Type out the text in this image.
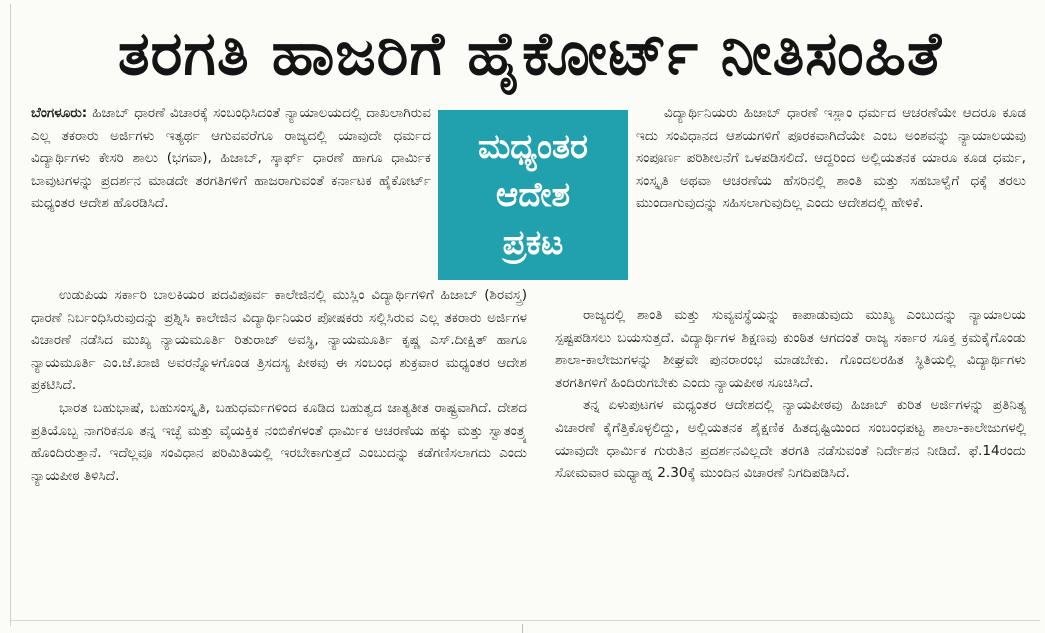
ತರಗತಿ ಹಾಜರಿಗೆ ಹೈಕೋರ್ಟ್ ನೀತಿಸಂಹಿತೆ

ಬೆಂಗಳೂರು: ಹಿಜಾಬ್ ಧಾರಣೆ ವಿಚಾರಕ್ಕೆ ಸಂಬಂಧಿಸಿದಂತೆ ನ್ಯಾಯಾಲಯದಲ್ಲಿ ದಾಖಲಾಗಿರುವ ಎಲ್ಲ ತಕರಾರು ಅರ್ಜಿಗಳು ಇತ್ಯರ್ಥ ಆಗುವವರೆಗೂ ರಾಜ್ಯದಲ್ಲಿ ಯಾವುದೇ ಧರ್ಮದ ವಿದ್ಯಾರ್ಥಿಗಳು ಕೇಸರಿ ಶಾಲು (ಭಗವಾ), ಹಿಜಾಬ್, ಸ್ಕಾರ್ಫ್ ಧಾರಣೆ ಹಾಗೂ ಧಾರ್ಮಿಕ ಬಾವುಟಗಳನ್ನು ಪ್ರದರ್ಶನ ಮಾಡದೇ ತರಗತಿಗಳಿಗೆ ಹಾಜರಾಗುವಂತೆ ಕರ್ನಾಟಕ ಹೈಕೋರ್ಟ್ ಮಧ್ಯಂತರ ಆದೇಶ ಹೊರಡಿಸಿದೆ.

ಮಧ್ಯಂತರ
ಆದೇಶ
ಪ್ರಕಟ

ಉಡುಪಿಯ ಸರ್ಕಾರಿ ಬಾಲಕಿಯರ ಪದವಿಪೂರ್ವ ಕಾಲೇಜಿನಲ್ಲಿ ಮುಸ್ಲಿಂ ವಿದ್ಯಾರ್ಥಿಗಳಿಗೆ ಹಿಜಾಬ್ (ಶಿರವಸ್ತ್ರ) ಧಾರಣೆ ನಿರ್ಬಂಧಿಸಿರುವುದನ್ನು ಪ್ರಶ್ನಿಸಿ ಕಾಲೇಜಿನ ವಿದ್ಯಾರ್ಥಿನಿಯರ ಪೋಷಕರು ಸಲ್ಲಿಸಿರುವ ಎಲ್ಲ ತಕರಾರು ಅರ್ಜಿಗಳ ವಿಚಾರಣೆ ನಡೆಸಿದ ಮುಖ್ಯ ನ್ಯಾಯಮೂರ್ತಿ ರಿತುರಾಜ್ ಅವಸ್ಥಿ, ನ್ಯಾಯಮೂರ್ತಿ ಕೃಷ್ಣ ಎಸ್.ದೀಕ್ಷಿತ್ ಹಾಗೂ ನ್ಯಾಯಮೂರ್ತಿ ಎಂ.ಜೆ.ಖಾಜಿ ಅವರನ್ನೊಳಗೊಂಡ ತ್ರಿಸದಸ್ಯ ಪೀಠವು ಈ ಸಂಬಂಧ ಶುಕ್ರವಾರ ಮಧ್ಯಂತರ ಆದೇಶ ಪ್ರಕಟಿಸಿದೆ.

ಭಾರತ ಬಹುಭಾಷೆ, ಬಹುಸಂಸ್ಕೃತಿ, ಬಹುಧರ್ಮಗಳಿಂದ ಕೂಡಿದ ಬಹುತ್ವದ ಜಾತ್ಯತೀತ ರಾಷ್ಟ್ರವಾಗಿದೆ. ದೇಶದ ಪ್ರತಿಯೊಬ್ಬ ನಾಗರಿಕನೂ ತನ್ನ ಇಚ್ಛೆ ಮತ್ತು ವೈಯಕ್ತಿಕ ನಂಬಿಕೆಗಳಂತೆ ಧಾರ್ಮಿಕ ಆಚರಣೆಯ ಹಕ್ಕು ಮತ್ತು ಸ್ವಾತಂತ್ರ್ಯ ಹೊಂದಿರುತ್ತಾನೆ. ಇದೆಲ್ಲವೂ ಸಂವಿಧಾನ ಪರಿಮಿತಿಯಲ್ಲಿ ಇರಬೇಕಾಗುತ್ತದೆ ಎಂಬುದನ್ನು ಕಡೆಗಣಿಸಲಾಗದು ಎಂದು ನ್ಯಾಯಪೀಠ ತಿಳಿಸಿದೆ.

ವಿದ್ಯಾರ್ಥಿನಿಯರು ಹಿಜಾಬ್ ಧಾರಣೆ ಇಸ್ಲಾಂ ಧರ್ಮದ ಆಚರಣೆಯೇ ಆದರೂ ಕೂಡ ಇದು ಸಂವಿಧಾನದ ಆಶಯಗಳಿಗೆ ಪೂರಕವಾಗಿದೆಯೇ ಎಂಬ ಅಂಶವನ್ನು ನ್ಯಾಯಾಲಯವು ಸಂಪೂರ್ಣ ಪರಿಶೀಲನೆಗೆ ಒಳಪಡಿಸಲಿದೆ. ಆದ್ದರಿಂದ ಅಲ್ಲಿಯತನಕ ಯಾರೂ ಕೂಡ ಧರ್ಮ, ಸಂಸ್ಕೃತಿ ಅಥವಾ ಆಚರಣೆಯ ಹೆಸರಿನಲ್ಲಿ ಶಾಂತಿ ಮತ್ತು ಸಹಬಾಳ್ವೆಗೆ ಧಕ್ಕೆ ತರಲು ಮುಂದಾಗುವುದನ್ನು ಸಹಿಸಲಾಗುವುದಿಲ್ಲ ಎಂದು ಆದೇಶದಲ್ಲಿ ಹೇಳಿಕೆ.

ರಾಜ್ಯದಲ್ಲಿ ಶಾಂತಿ ಮತ್ತು ಸುವ್ಯವಸ್ಥೆಯನ್ನು ಕಾಪಾಡುವುದು ಮುಖ್ಯ ಎಂಬುದನ್ನು ನ್ಯಾಯಾಲಯ ಸ್ಪಷ್ಟಪಡಿಸಲು ಬಯಸುತ್ತದೆ. ವಿದ್ಯಾರ್ಥಿಗಳ ಶಿಕ್ಷಣವು ಕುಂಠಿತ ಆಗದಂತೆ ರಾಜ್ಯ ಸರ್ಕಾರ ಸೂಕ್ತ ಕ್ರಮಕೈಗೊಂಡು ಶಾಲಾ-ಕಾಲೇಜುಗಳನ್ನು ಶೀಘ್ರವೇ ಪುನರಾರಂಭ ಮಾಡಬೇಕು. ಗೊಂದಲರಹಿತ ಸ್ಥಿತಿಯಲ್ಲಿ ವಿದ್ಯಾರ್ಥಿಗಳು ತರಗತಿಗಳಿಗೆ ಹಿಂದಿರುಗಬೇಕು ಎಂದು ನ್ಯಾಯಪೀಠ ಸೂಚಿಸಿದೆ.

ತನ್ನ ಏಳುಪುಟಗಳ ಮಧ್ಯಂತರ ಆದೇಶದಲ್ಲಿ ನ್ಯಾಯಪೀಠವು ಹಿಜಾಬ್ ಕುರಿತ ಅರ್ಜಿಗಳನ್ನು ಪ್ರತಿನಿತ್ಯ ವಿಚಾರಣೆ ಕೈಗೆತ್ತಿಕೊಳ್ಳಲಿದ್ದು, ಅಲ್ಲಿಯತನಕ ಶೈಕ್ಷಣಿಕ ಹಿತದೃಷ್ಟಿಯಿಂದ ಸಂಬಂಧಪಟ್ಟ ಶಾಲಾ-ಕಾಲೇಜುಗಳಲ್ಲಿ ಯಾವುದೇ ಧಾರ್ಮಿಕ ಗುರುತಿನ ಪ್ರದರ್ಶನವಿಲ್ಲದೇ ತರಗತಿ ನಡೆಸುವಂತೆ ನಿರ್ದೇಶನ ನೀಡಿದೆ. ಫೆ.14ರಂದು ಸೋಮವಾರ ಮಧ್ಯಾಹ್ನ 2.30ಕ್ಕೆ ಮುಂದಿನ ವಿಚಾರಣೆ ನಿಗದಿಪಡಿಸಿದೆ.
